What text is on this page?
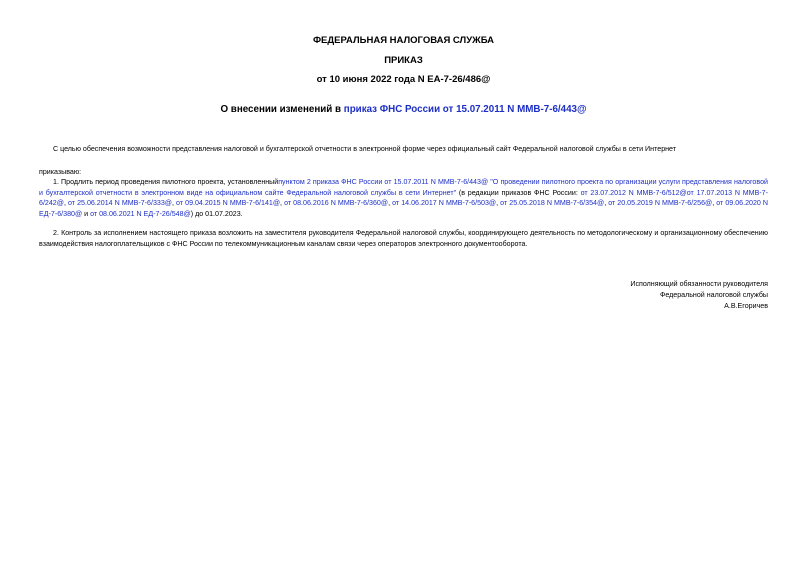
ФЕДЕРАЛЬНАЯ НАЛОГОВАЯ СЛУЖБА
ПРИКАЗ
от 10 июня 2022 года N ЕА-7-26/486@
О внесении изменений в приказ ФНС России от 15.07.2011 N ММВ-7-6/443@
С целью обеспечения возможности представления налоговой и бухгалтерской отчетности в электронной форме через официальный сайт Федеральной налоговой службы в сети Интернет
приказываю:
1. Продлить период проведения пилотного проекта, установленныйпунктом 2 приказа ФНС России от 15.07.2011 N ММВ-7-6/443@ "О проведении пилотного проекта по организации услуги представления налоговой и бухгалтерской отчетности в электронном виде на официальном сайте Федеральной налоговой службы в сети Интернет" (в редакции приказов ФНС России: от 23.07.2012 N ММВ-7-6/512@от 17.07.2013 N ММВ-7-6/242@, от 25.06.2014 N ММВ-7-6/333@, от 09.04.2015 N ММВ-7-6/141@, от 08.06.2016 N ММВ-7-6/360@, от 14.06.2017 N ММВ-7-6/503@, от 25.05.2018 N ММВ-7-6/354@, от 20.05.2019 N ММВ-7-6/256@, от 09.06.2020 N ЕД-7-6/380@ и от 08.06.2021 N ЕД-7-26/548@) до 01.07.2023.
2. Контроль за исполнением настоящего приказа возложить на заместителя руководителя Федеральной налоговой службы, координирующего деятельность по методологическому и организационному обеспечению взаимодействия налогоплательщиков с ФНС России по телекоммуникационным каналам связи через операторов электронного документооборота.
Исполняющий обязанности руководителя
Федеральной налоговой службы
А.В.Егоричев
